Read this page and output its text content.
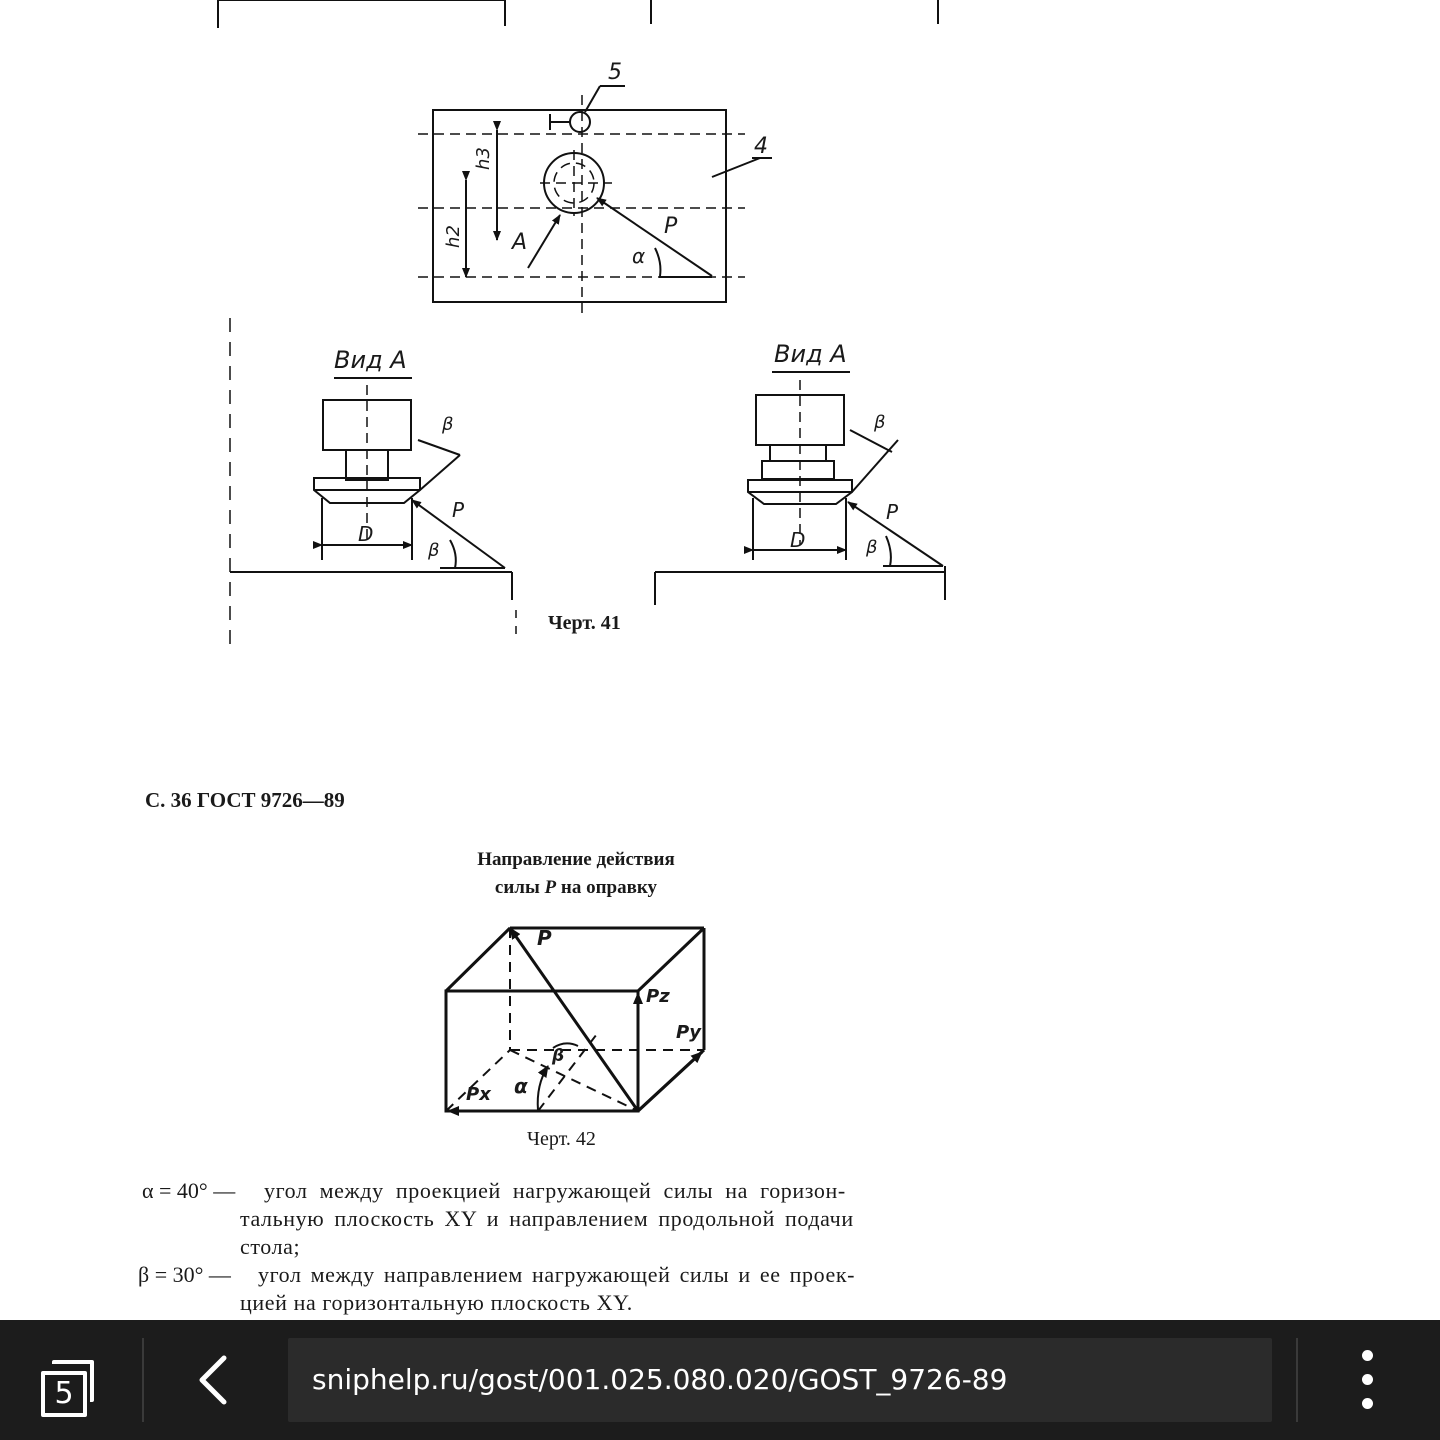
5
4
h3
h2 A
P
α
Вид А
β
P
D
β
Вид А
β
P
D	β
Черт. 41
С. 36 ГОСТ 9726—89
Направление действия
силы P на оправку
P
Pz
Py
Px α
β
Черт. 42
α = 40° — угол между проекцией нагружающей силы на горизон-
тальную плоскость XY и направлением продольной подачи
стола;
β = 30° — угол между направлением нагружающей силы и ее проек-
цией на горизонтальную плоскость XY.
5	sniphelp.ru/gost/001.025.080.020/GOST_9726-89
